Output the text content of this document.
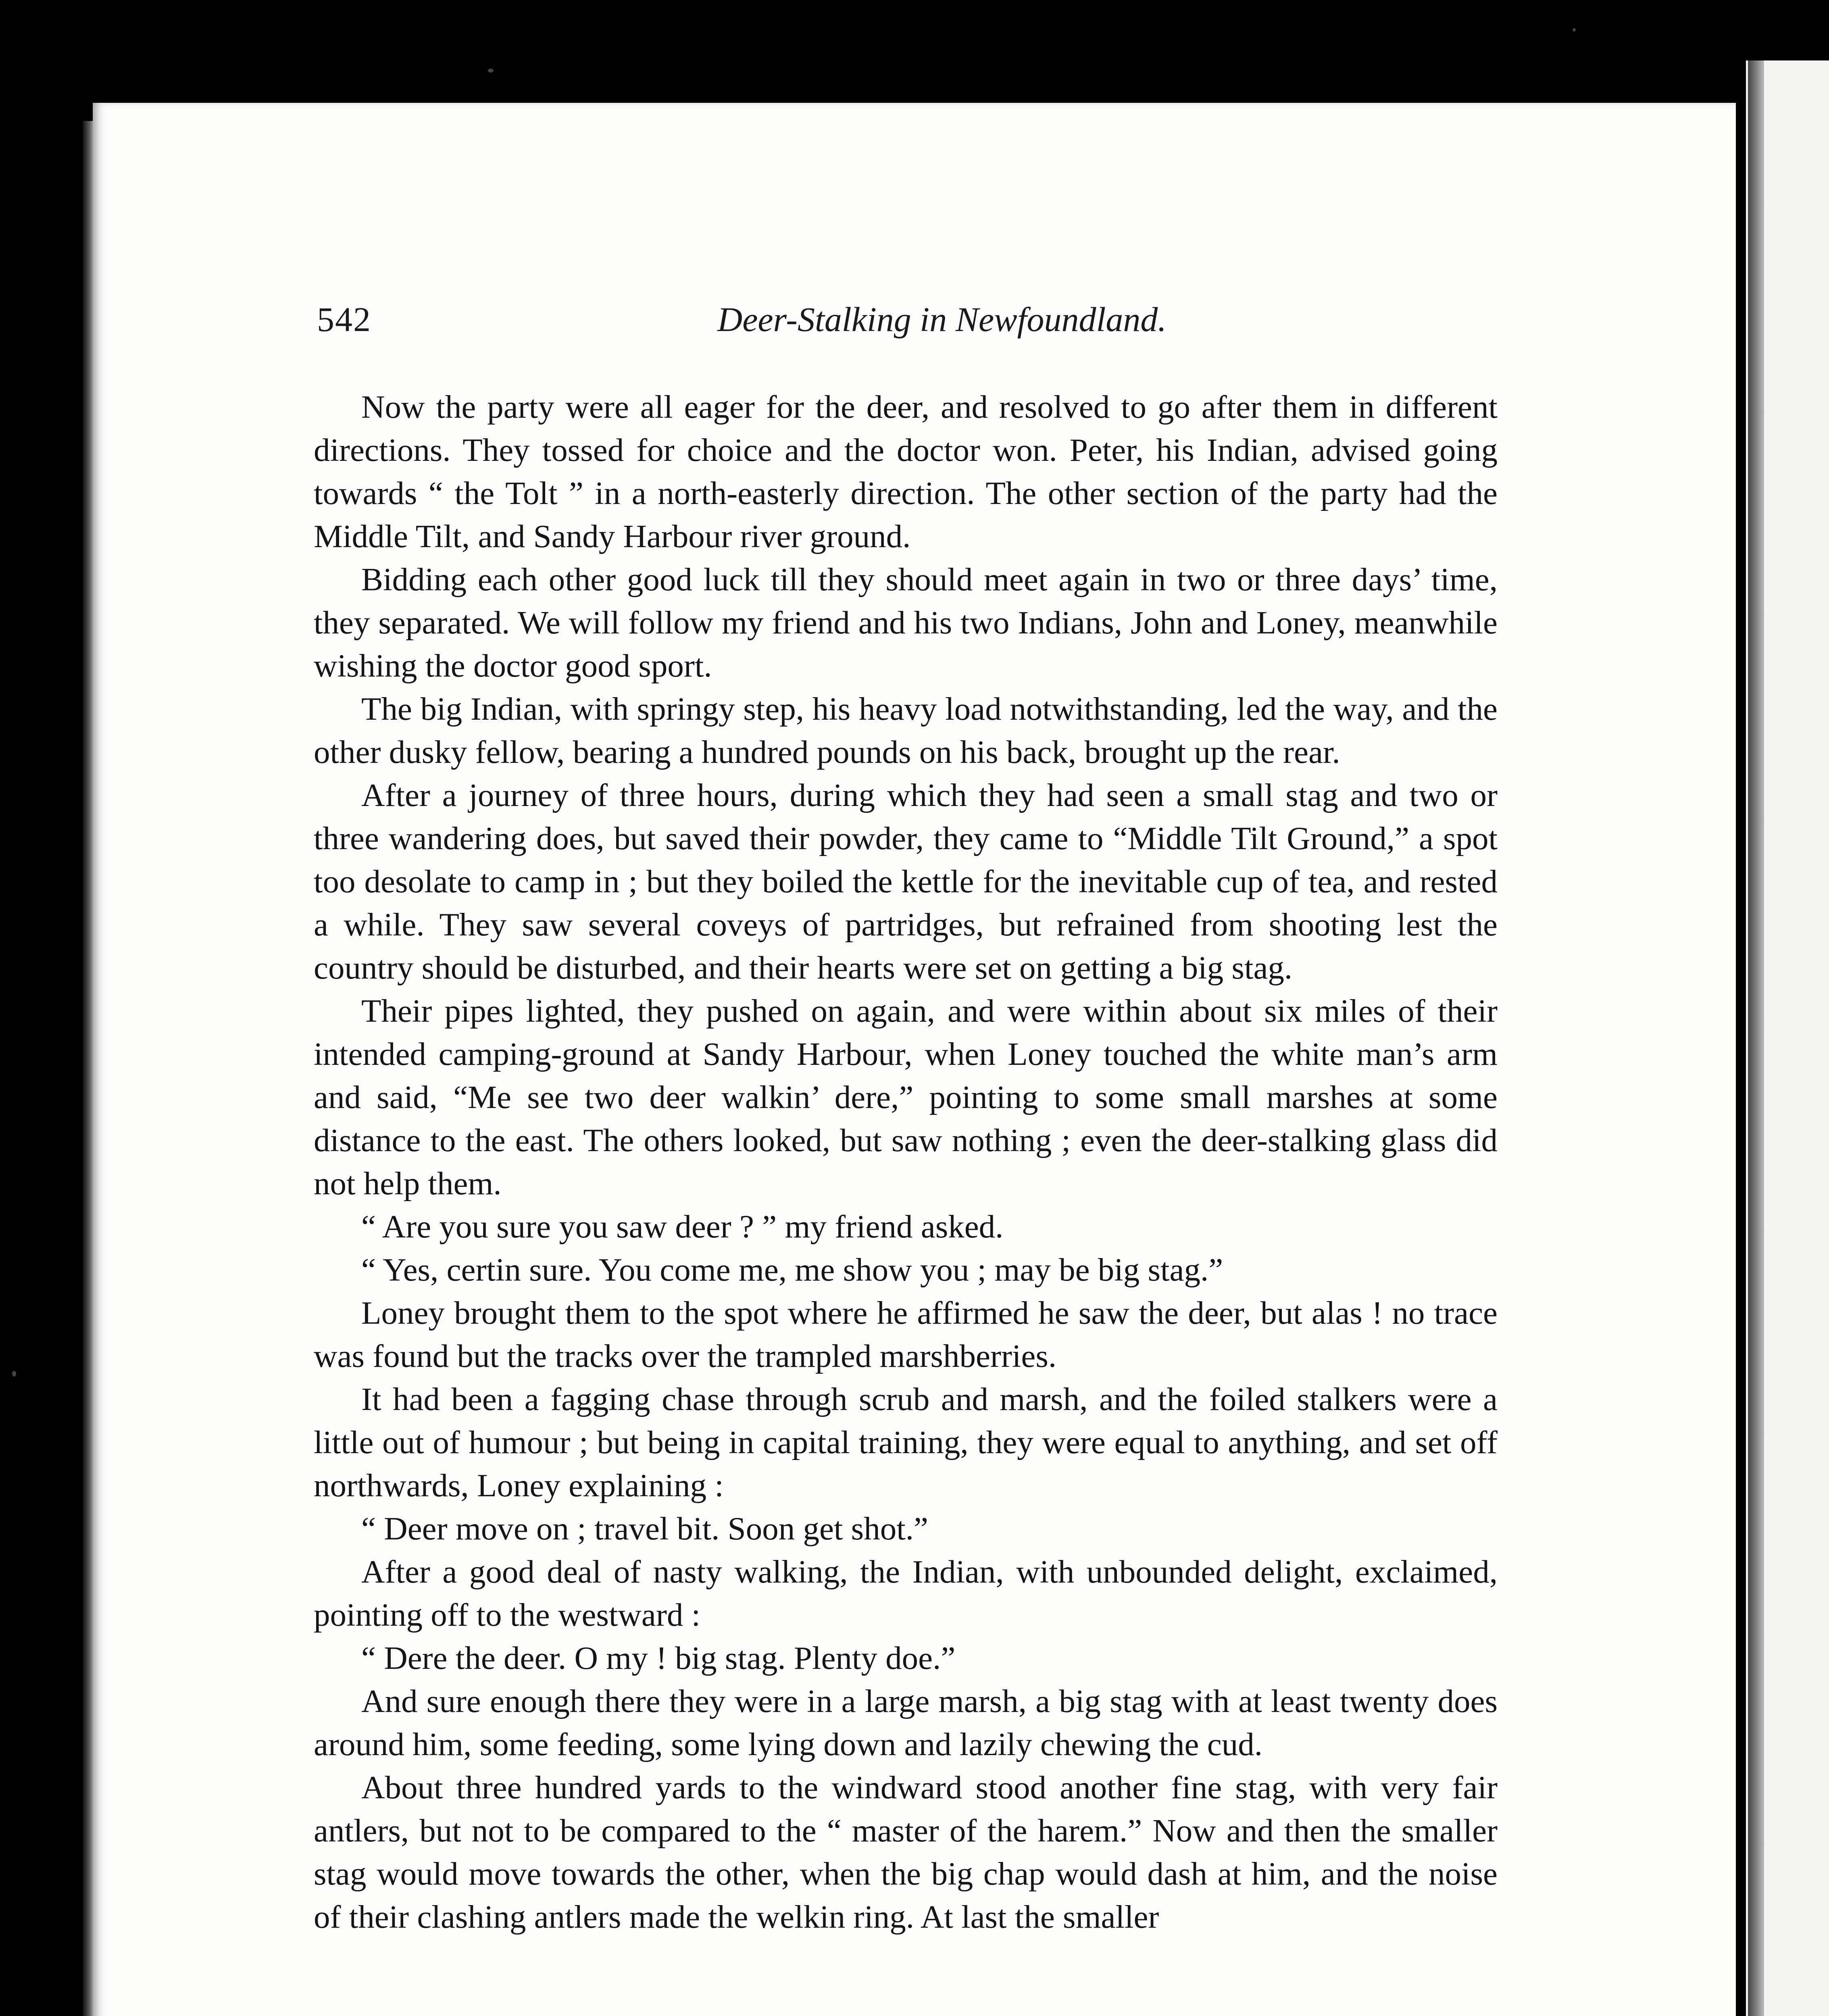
542	Deer-Stalking in Newfoundland.

Now the party were all eager for the deer, and resolved to go after them in different directions. They tossed for choice and the doctor won. Peter, his Indian, advised going towards “ the Tolt ” in a north-easterly direction. The other section of the party had the Middle Tilt, and Sandy Harbour river ground.

Bidding each other good luck till they should meet again in two or three days’ time, they separated. We will follow my friend and his two Indians, John and Loney, meanwhile wishing the doctor good sport.

The big Indian, with springy step, his heavy load notwithstanding, led the way, and the other dusky fellow, bearing a hundred pounds on his back, brought up the rear.

After a journey of three hours, during which they had seen a small stag and two or three wandering does, but saved their powder, they came to “Middle Tilt Ground,” a spot too desolate to camp in ; but they boiled the kettle for the inevitable cup of tea, and rested a while. They saw several coveys of partridges, but refrained from shooting lest the country should be disturbed, and their hearts were set on getting a big stag.

Their pipes lighted, they pushed on again, and were within about six miles of their intended camping-ground at Sandy Harbour, when Loney touched the white man’s arm and said, “Me see two deer walkin’ dere,” pointing to some small marshes at some distance to the east. The others looked, but saw nothing ; even the deer-stalking glass did not help them.

“ Are you sure you saw deer ? ” my friend asked.

“ Yes, certin sure. You come me, me show you ; may be big stag.”

Loney brought them to the spot where he affirmed he saw the deer, but alas ! no trace was found but the tracks over the trampled marshberries.

It had been a fagging chase through scrub and marsh, and the foiled stalkers were a little out of humour ; but being in capital training, they were equal to anything, and set off northwards, Loney explaining :

“ Deer move on ; travel bit. Soon get shot.”

After a good deal of nasty walking, the Indian, with unbounded delight, exclaimed, pointing off to the westward :

“ Dere the deer. O my ! big stag. Plenty doe.”

And sure enough there they were in a large marsh, a big stag with at least twenty does around him, some feeding, some lying down and lazily chewing the cud.

About three hundred yards to the windward stood another fine stag, with very fair antlers, but not to be compared to the “ master of the harem.” Now and then the smaller stag would move towards the other, when the big chap would dash at him, and the noise of their clashing antlers made the welkin ring. At last the smaller
